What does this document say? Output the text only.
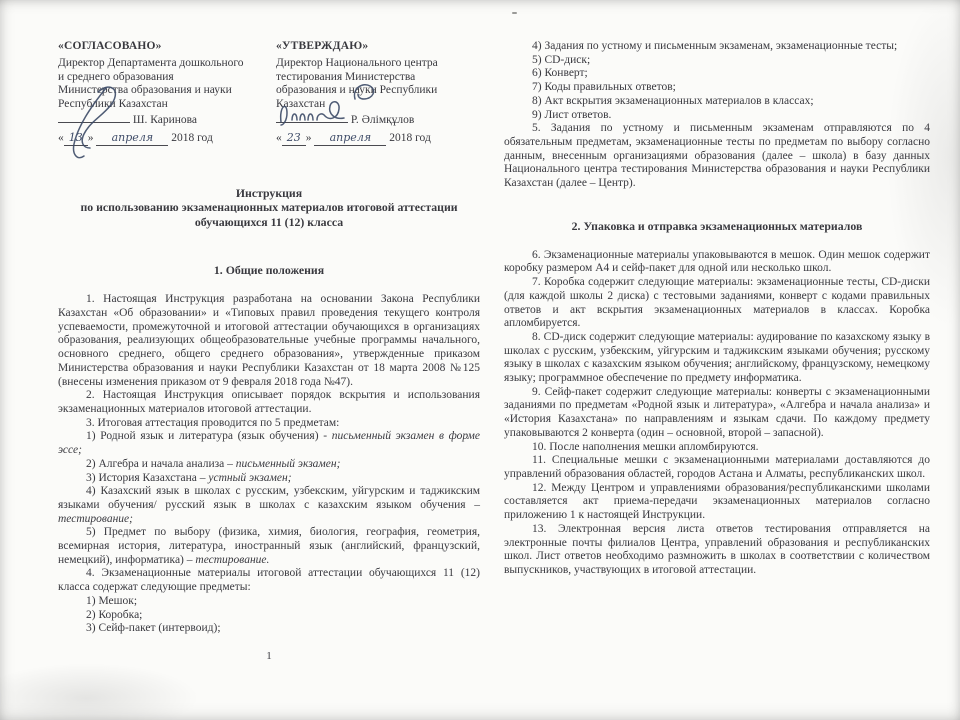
«СОГЛАСОВАНО»
Директор Департамента дошкольного
и среднего образования
Министерства образования и науки
Республики Казахстан
Ш. Каринова
« 13 » апреля 2018 год
«УТВЕРЖДАЮ»
Директор Национального центра
тестирования Министерства
образования и науки Республики
Казахстан
Р. Әлімқұлов
« 23 » апреля 2018 год
Инструкция
по использованию экзаменационных материалов итоговой аттестации
обучающихся 11 (12) класса
1. Общие положения

1. Настоящая Инструкция разработана на основании Закона Республики Казахстан «Об образовании» и «Типовых правил проведения текущего контроля успеваемости, промежуточной и итоговой аттестации обучающихся в организациях образования, реализующих общеобразовательные учебные программы начального, основного среднего, общего среднего образования», утвержденные приказом Министерства образования и науки Республики Казахстан от 18 марта 2008 №125 (внесены изменения приказом от 9 февраля 2018 года №47).

2. Настоящая Инструкция описывает порядок вскрытия и использования экзаменационных материалов итоговой аттестации.

3. Итоговая аттестация проводится по 5 предметам:

1) Родной язык и литература (язык обучения) - письменный экзамен в форме эссе;

2) Алгебра и начала анализа – письменный экзамен;

3) История Казахстана – устный экзамен;

4) Казахский язык в школах с русским, узбекским, уйгурским и таджикским языками обучения/ русский язык в школах с казахским языком обучения – тестирование;

5) Предмет по выбору (физика, химия, биология, география, геометрия, всемирная история, литература, иностранный язык (английский, французский, немецкий), информатика) – тестирование.

4. Экзаменационные материалы итоговой аттестации обучающихся 11 (12) класса содержат следующие предметы:

1) Мешок;

2) Коробка;

3) Сейф-пакет (интервоид);

1

4) Задания по устному и письменным экзаменам, экзаменационные тесты;

5) CD-диск;

6) Конверт;

7) Коды правильных ответов;

8) Акт вскрытия экзаменационных материалов в классах;

9) Лист ответов.

5. Задания по устному и письменным экзаменам отправляются по 4 обязательным предметам, экзаменационные тесты по предметам по выбору согласно данным, внесенным организациями образования (далее – школа) в базу данных Национального центра тестирования Министерства образования и науки Республики Казахстан (далее – Центр).

2. Упаковка и отправка экзаменационных материалов

6. Экзаменационные материалы упаковываются в мешок. Один мешок содержит коробку размером А4 и сейф-пакет для одной или несколько школ.

7. Коробка содержит следующие материалы: экзаменационные тесты, CD-диски (для каждой школы 2 диска) с тестовыми заданиями, конверт с кодами правильных ответов и акт вскрытия экзаменационных материалов в классах. Коробка апломбируется.

8. CD-диск содержит следующие материалы: аудирование по казахскому языку в школах с русским, узбекским, уйгурским и таджикским языками обучения; русскому языку в школах с казахским языком обучения; английскому, французскому, немецкому языку; программное обеспечение по предмету информатика.

9. Сейф-пакет содержит следующие материалы: конверты с экзаменационными заданиями по предметам «Родной язык и литература», «Алгебра и начала анализа» и «История Казахстана» по направлениям и языкам сдачи. По каждому предмету упаковываются 2 конверта (один – основной, второй – запасной).

10. После наполнения мешки апломбируются.

11. Специальные мешки с экзаменационными материалами доставляются до управлений образования областей, городов Астана и Алматы, республиканских школ.

12. Между Центром и управлениями образования/республиканскими школами составляется акт приема-передачи экзаменационных материалов согласно приложению 1 к настоящей Инструкции.

13. Электронная версия листа ответов тестирования отправляется на электронные почты филиалов Центра, управлений образования и республиканских школ. Лист ответов необходимо размножить в школах в соответствии с количеством выпускников, участвующих в итоговой аттестации.
